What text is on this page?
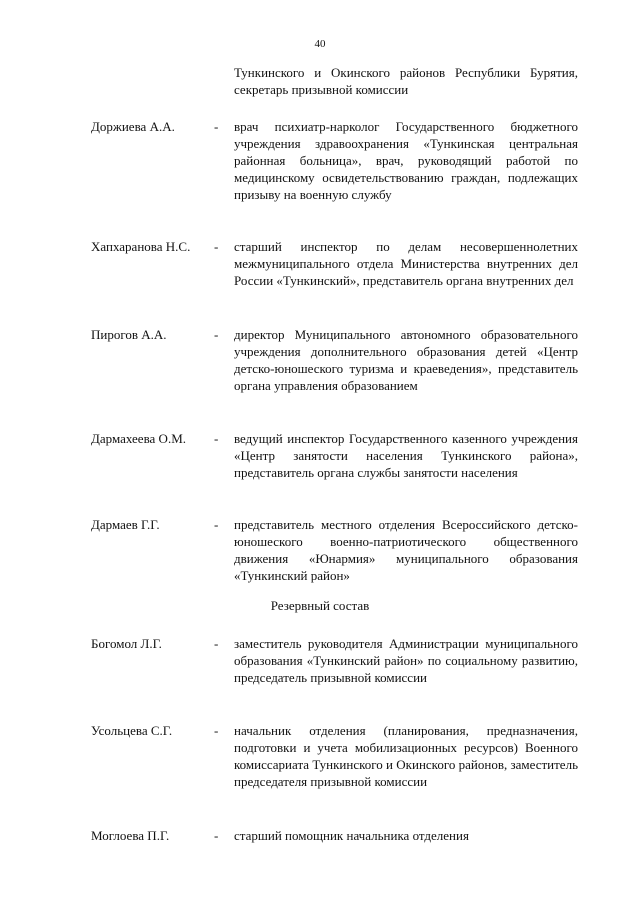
40
Тункинского и Окинского районов Республики Бурятия, секретарь призывной комиссии
Доржиева А.А.	- врач психиатр-нарколог Государственного бюджетного учреждения здравоохранения «Тункинская центральная районная больница», врач, руководящий работой по медицинскому освидетельствованию граждан, подлежащих призыву на военную службу
Хапхаранова Н.С.	- старший инспектор по делам несовершеннолетних межмуниципального отдела Министерства внутренних дел России «Тункинский», представитель органа внутренних дел
Пирогов А.А.	- директор Муниципального автономного образовательного учреждения дополнительного образования детей «Центр детско-юношеского туризма и краеведения», представитель органа управления образованием
Дармахеева О.М.	- ведущий инспектор Государственного казенного учреждения «Центр занятости населения Тункинского района», представитель органа службы занятости населения
Дармаев Г.Г.	- представитель местного отделения Всероссийского детско-юношеского военно-патриотического общественного движения «Юнармия» муниципального образования «Тункинский район»
Резервный состав
Богомол Л.Г.	- заместитель руководителя Администрации муниципального образования «Тункинский район» по социальному развитию, председатель призывной комиссии
Усольцева С.Г.	- начальник отделения (планирования, предназначения, подготовки и учета мобилизационных ресурсов) Военного комиссариата Тункинского и Окинского районов, заместитель председателя призывной комиссии
Моглоева П.Г.	- старший помощник начальника отделения
